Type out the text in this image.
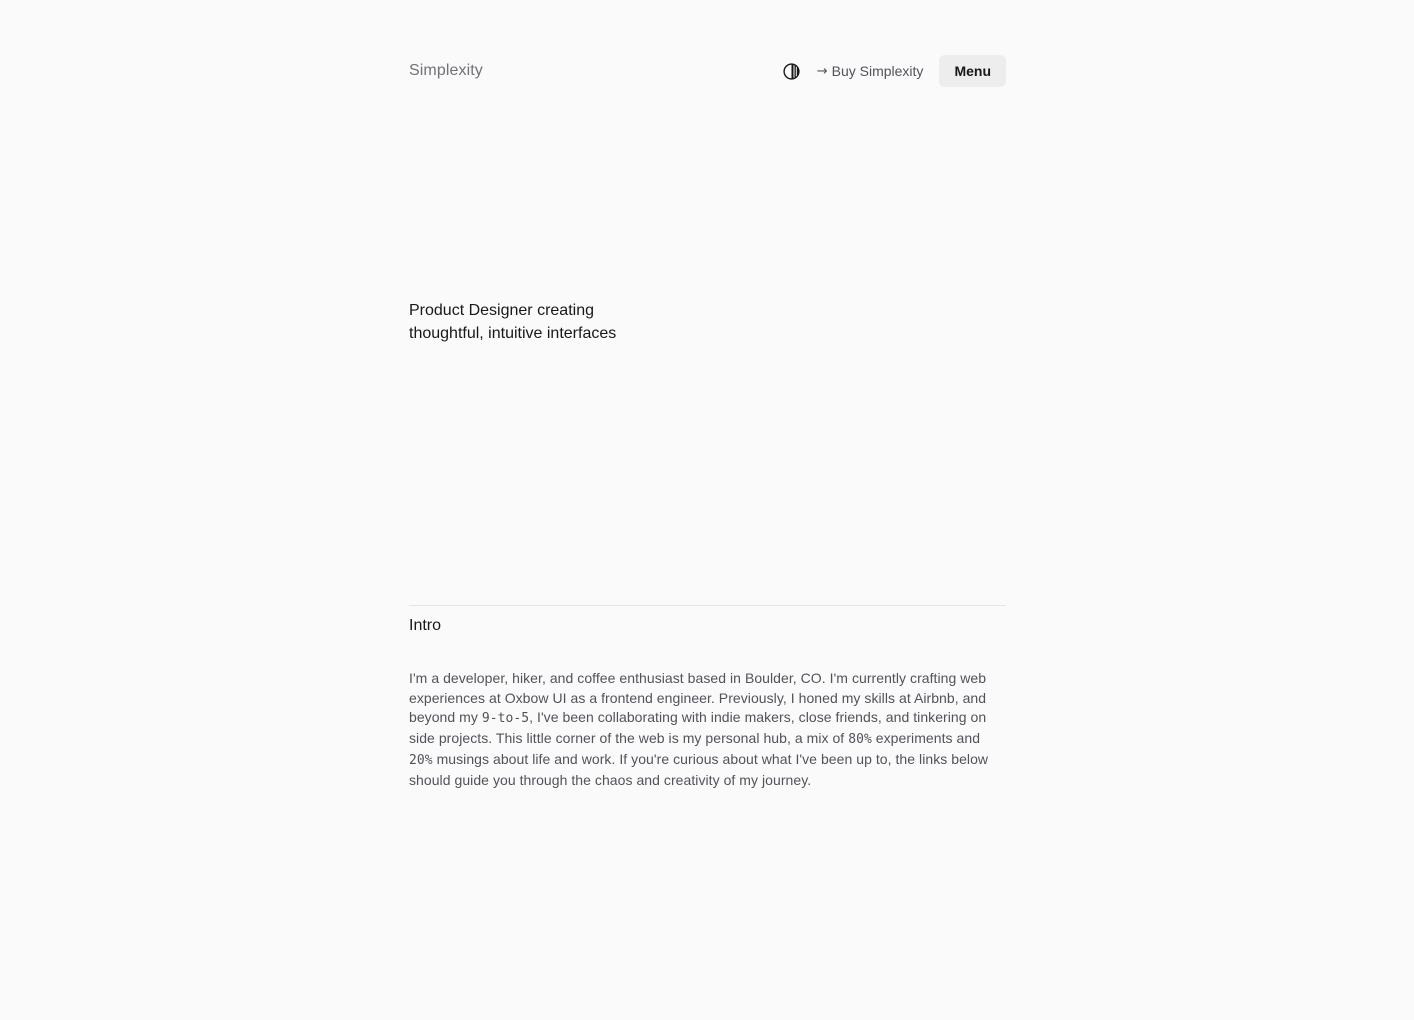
Simplexity	→ Buy Simplexity	Menu
Product Designer creating
thoughtful, intuitive interfaces
Intro

I'm a developer, hiker, and coffee enthusiast based in Boulder, CO. I'm currently crafting web experiences at Oxbow UI as a frontend engineer. Previously, I honed my skills at Airbnb, and beyond my 9-to-5, I've been collaborating with indie makers, close friends, and tinkering on side projects. This little corner of the web is my personal hub, a mix of 80% experiments and 20% musings about life and work. If you're curious about what I've been up to, the links below should guide you through the chaos and creativity of my journey.
